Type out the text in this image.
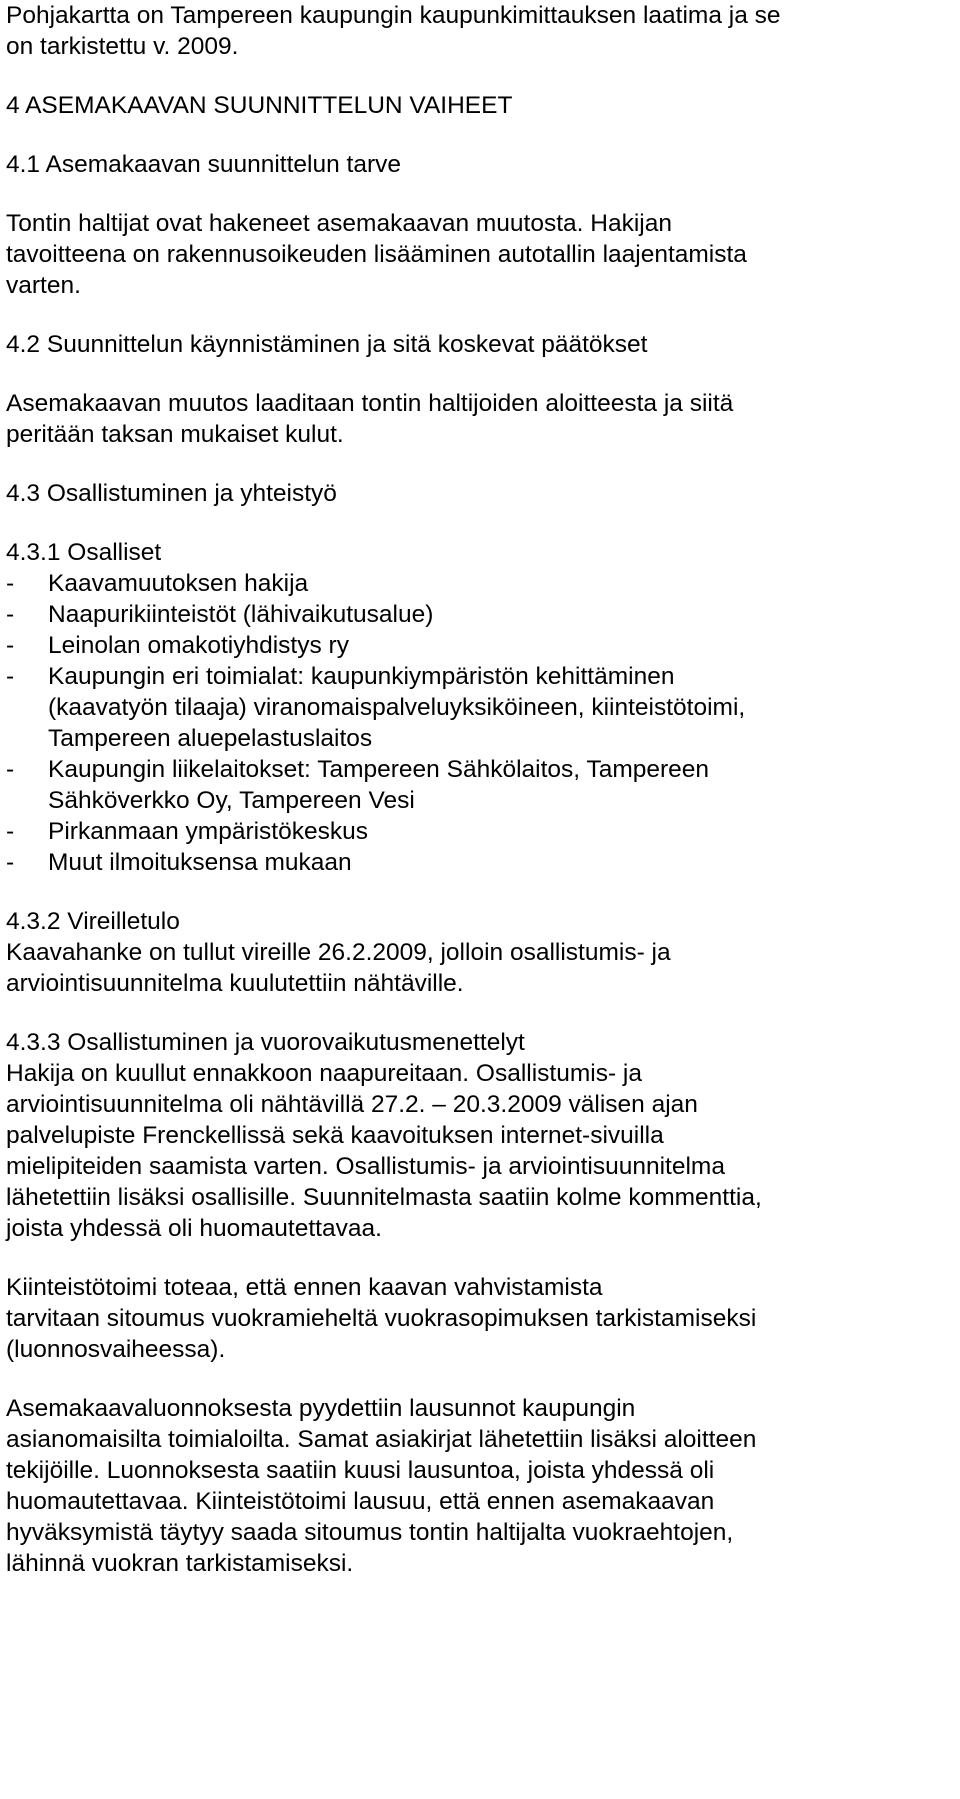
Pohjakartta on Tampereen kaupungin kaupunkimittauksen laatima ja se
on tarkistettu v. 2009.
4 ASEMAKAAVAN SUUNNITTELUN VAIHEET
4.1 Asemakaavan suunnittelun tarve
Tontin haltijat ovat hakeneet asemakaavan muutosta. Hakijan
tavoitteena on rakennusoikeuden lisääminen autotallin laajentamista
varten.
4.2 Suunnittelun käynnistäminen ja sitä koskevat päätökset
Asemakaavan muutos laaditaan tontin haltijoiden aloitteesta ja siitä
peritään taksan mukaiset kulut.
4.3 Osallistuminen ja yhteistyö
4.3.1 Osalliset
-	Kaavamuutoksen hakija
-	Naapurikiinteistöt (lähivaikutusalue)
-	Leinolan omakotiyhdistys ry
-	Kaupungin eri toimialat: kaupunkiympäristön kehittäminen
(kaavatyön tilaaja) viranomaispalveluyksiköineen, kiinteistötoimi,
Tampereen aluepelastuslaitos
-	Kaupungin liikelaitokset: Tampereen Sähkölaitos, Tampereen
Sähköverkko Oy, Tampereen Vesi
-	Pirkanmaan ympäristökeskus
-	Muut ilmoituksensa mukaan
4.3.2 Vireilletulo
Kaavahanke on tullut vireille 26.2.2009, jolloin osallistumis- ja
arviointisuunnitelma kuulutettiin nähtäville.
4.3.3 Osallistuminen ja vuorovaikutusmenettelyt
Hakija on kuullut ennakkoon naapureitaan. Osallistumis- ja
arviointisuunnitelma oli nähtävillä 27.2. – 20.3.2009 välisen ajan
palvelupiste Frenckellissä sekä kaavoituksen internet-sivuilla
mielipiteiden saamista varten. Osallistumis- ja arviointisuunnitelma
lähetettiin lisäksi osallisille. Suunnitelmasta saatiin kolme kommenttia,
joista yhdessä oli huomautettavaa.
Kiinteistötoimi toteaa, että ennen kaavan vahvistamista
tarvitaan sitoumus vuokramieheltä vuokrasopimuksen tarkistamiseksi
(luonnosvaiheessa).
Asemakaavaluonnoksesta pyydettiin lausunnot kaupungin
asianomaisilta toimialoilta. Samat asiakirjat lähetettiin lisäksi aloitteen
tekijöille. Luonnoksesta saatiin kuusi lausuntoa, joista yhdessä oli
huomautettavaa. Kiinteistötoimi lausuu, että ennen asemakaavan
hyväksymistä täytyy saada sitoumus tontin haltijalta vuokraehtojen,
lähinnä vuokran tarkistamiseksi.
